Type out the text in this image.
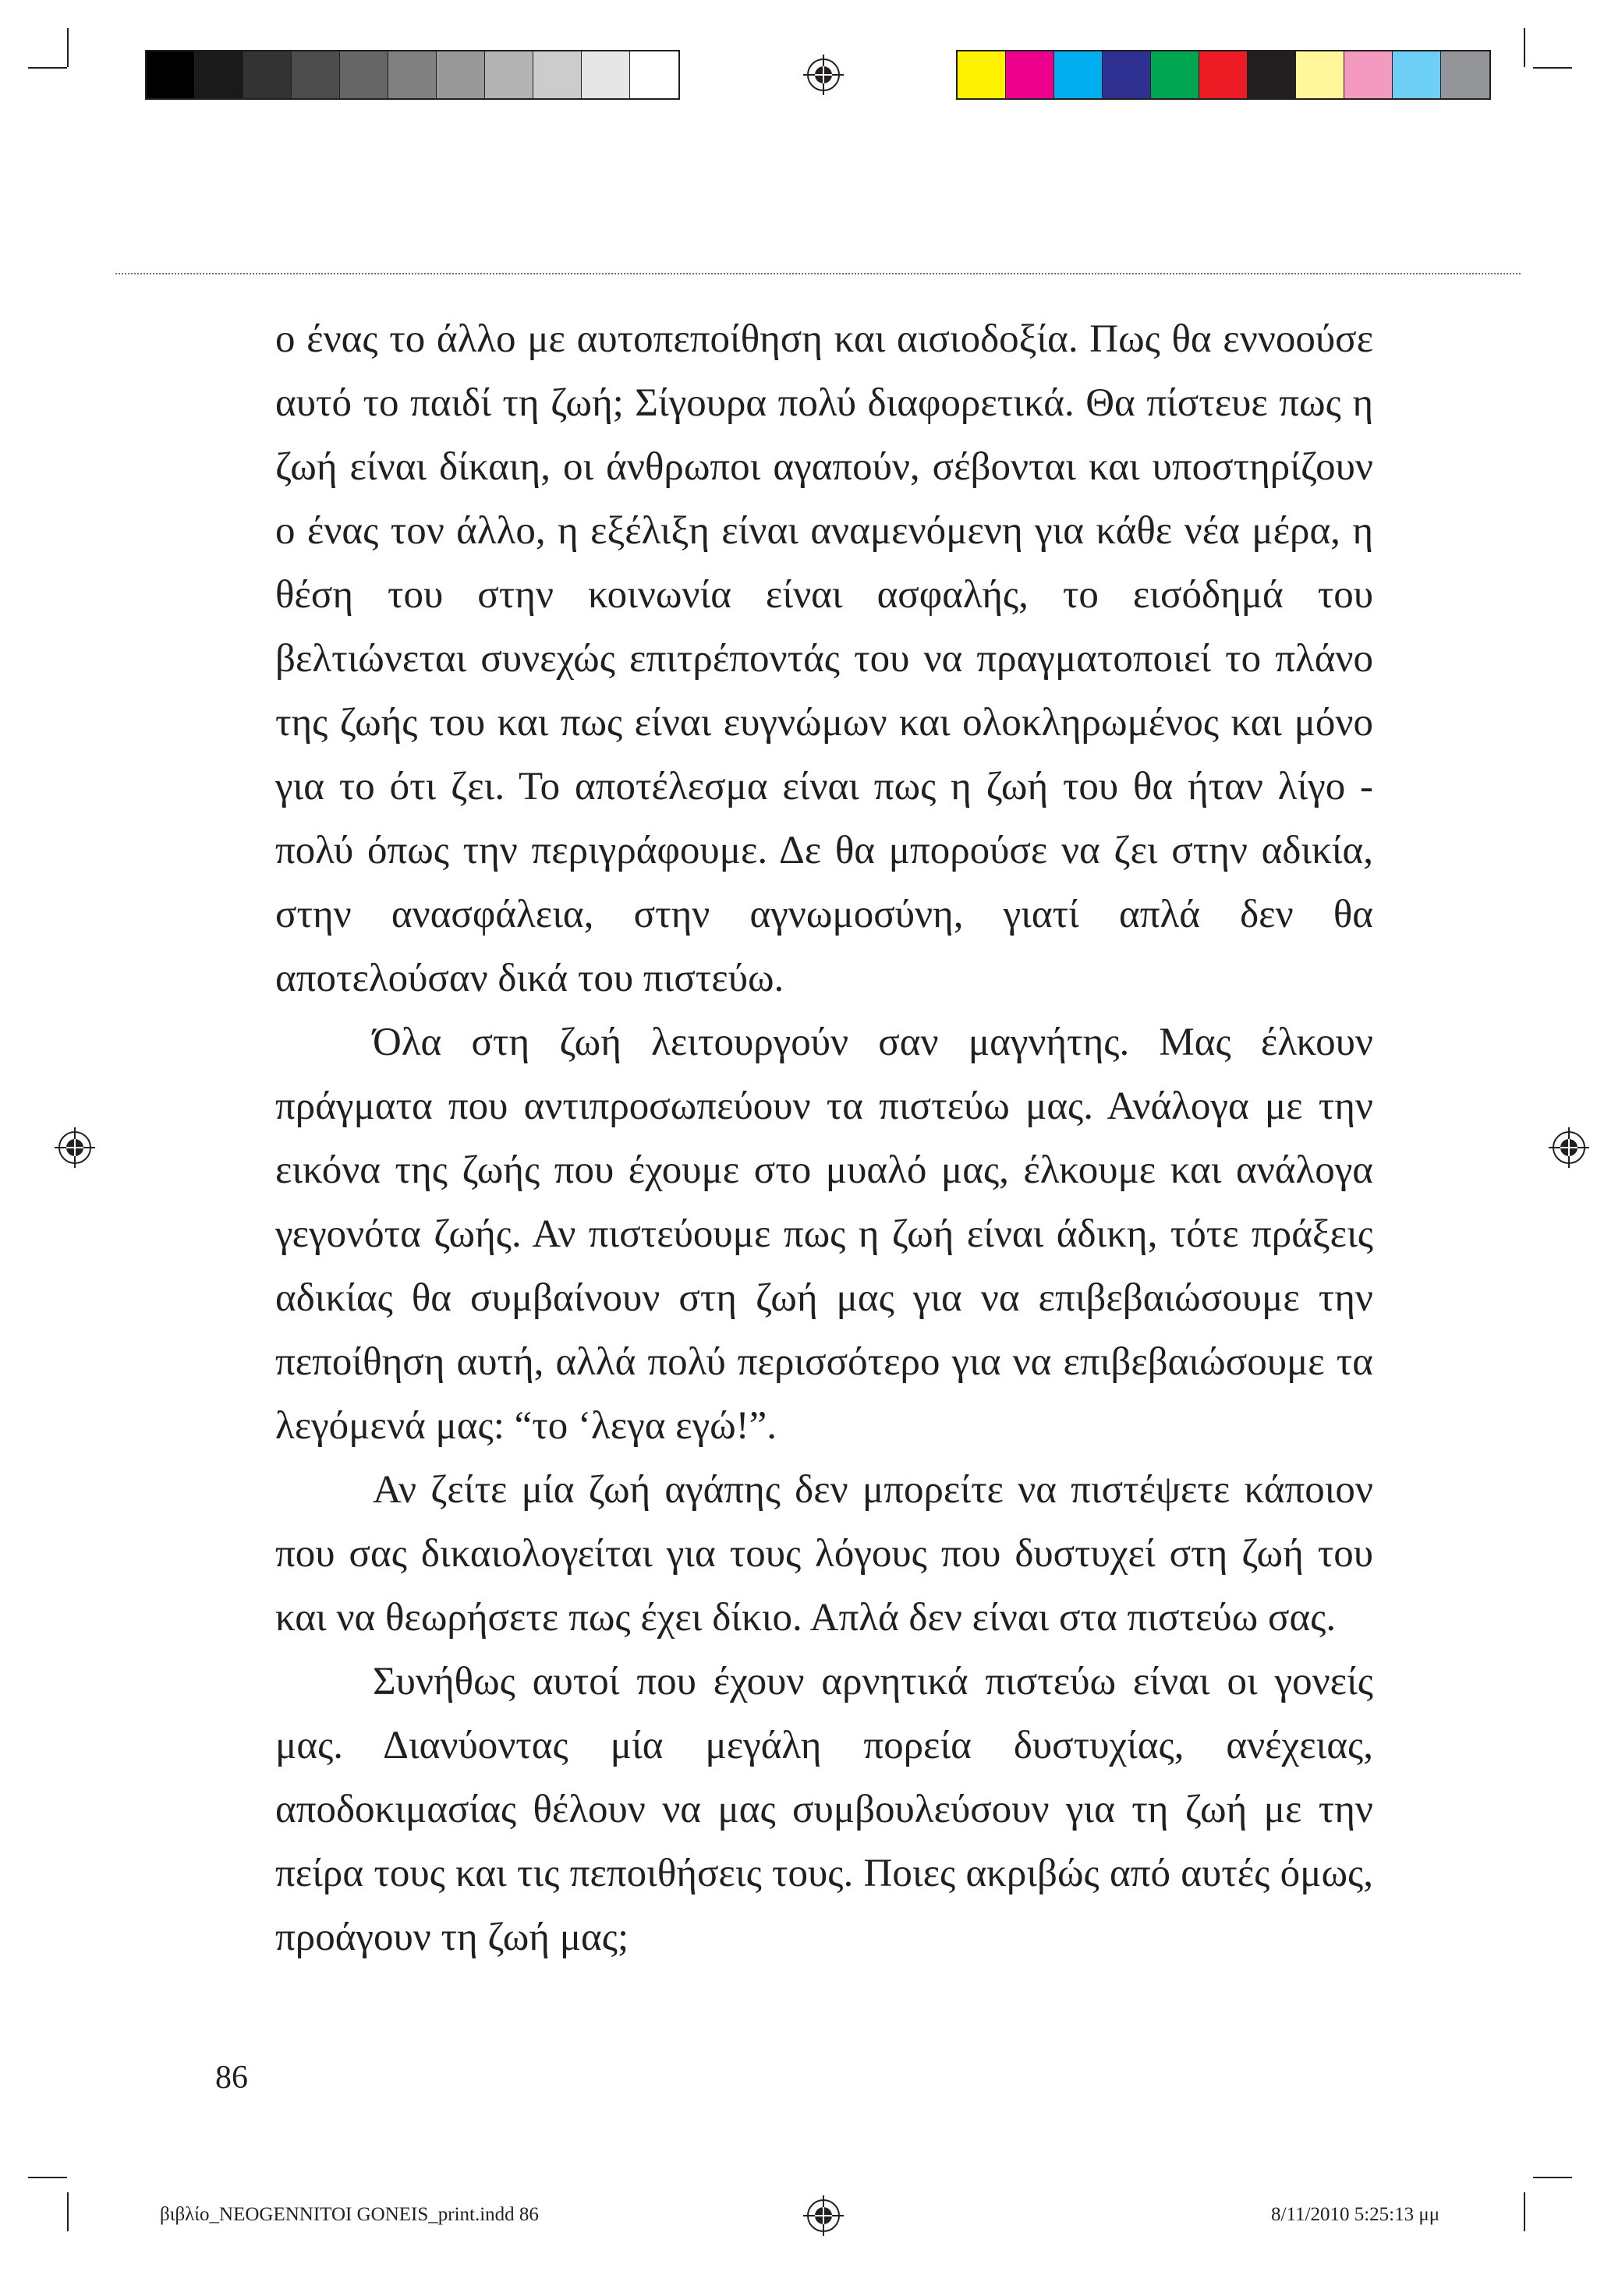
ο ένας το άλλο με αυτοπεποίθηση και αισιοδοξία. Πως θα εννοούσε αυτό το παιδί τη ζωή; Σίγουρα πολύ διαφορετικά. Θα πίστευε πως η ζωή είναι δίκαιη, οι άνθρωποι αγαπούν, σέβονται και υποστηρίζουν ο ένας τον άλλο, η εξέλιξη είναι αναμενόμενη για κάθε νέα μέρα, η θέση του στην κοινωνία είναι ασφαλής, το εισόδημά του βελτιώνεται συνεχώς επιτρέποντάς του να πραγματοποιεί το πλάνο της ζωής του και πως είναι ευγνώμων και ολοκληρωμένος και μόνο για το ότι ζει. Το αποτέλεσμα είναι πως η ζωή του θα ήταν λίγο - πολύ όπως την περιγράφουμε. Δε θα μπορούσε να ζει στην αδικία, στην ανασφάλεια, στην αγνωμοσύνη, γιατί απλά δεν θα αποτελούσαν δικά του πιστεύω.

Όλα στη ζωή λειτουργούν σαν μαγνήτης. Μας έλκουν πράγματα που αντιπροσωπεύουν τα πιστεύω μας. Ανάλογα με την εικόνα της ζωής που έχουμε στο μυαλό μας, έλκουμε και ανάλογα γεγονότα ζωής. Αν πιστεύουμε πως η ζωή είναι άδικη, τότε πράξεις αδικίας θα συμβαίνουν στη ζωή μας για να επιβεβαιώσουμε την πεποίθηση αυτή, αλλά πολύ περισσότερο για να επιβεβαιώσουμε τα λεγόμενά μας: “το ‘λεγα εγώ!”.

Αν ζείτε μία ζωή αγάπης δεν μπορείτε να πιστέψετε κάποιον που σας δικαιολογείται για τους λόγους που δυστυχεί στη ζωή του και να θεωρήσετε πως έχει δίκιο. Απλά δεν είναι στα πιστεύω σας.

Συνήθως αυτοί που έχουν αρνητικά πιστεύω είναι οι γονείς μας. Διανύοντας μία μεγάλη πορεία δυστυχίας, ανέχειας, αποδοκιμασίας θέλουν να μας συμβουλεύσουν για τη ζωή με την πείρα τους και τις πεποιθήσεις τους. Ποιες ακριβώς από αυτές όμως, προάγουν τη ζωή μας;

86
βιβλίο_NEOGENNITOI GONEIS_print.indd 86	8/11/2010 5:25:13 μμ
